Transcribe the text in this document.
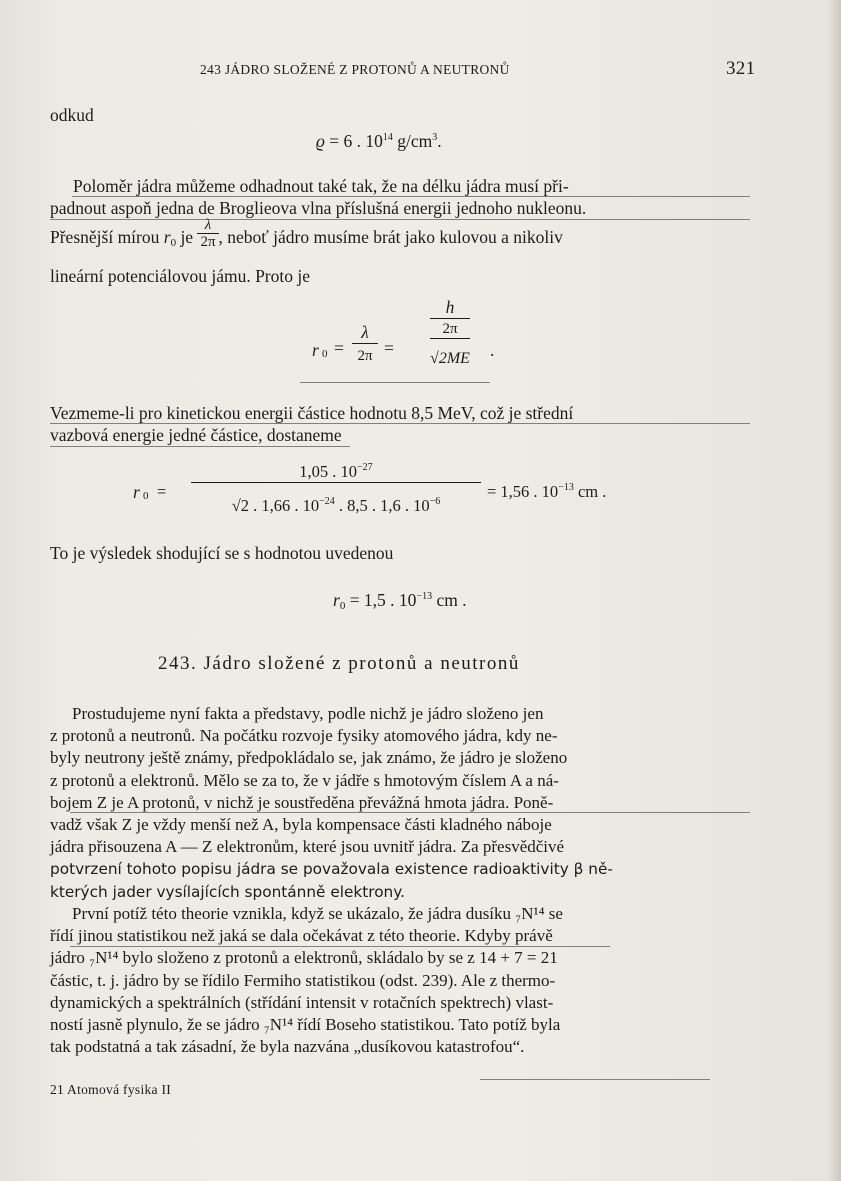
243 JÁDRO SLOŽENÉ Z PROTONŮ A NEUTRONŮ	321
odkud
ϱ = 6 . $10^{14}$ $g/cm^3$.
Poloměr jádra můžeme odhadnout také tak, že na délku jádra musí při-
padnout aspoň jedna de Broglieova vlna příslušná energii jednoho nukleonu.
Přesnější mírou $r_0$ je $\frac{\lambda}{2\pi}$ , neboť jádro musíme brát jako kulovou a nikoliv
lineární potenciálovou jámu. Proto je
r 0 =
λ
2π =
h
2π
√2ME	.
Vezmeme-li pro kinetickou energii částice hodnotu 8,5 MeV, což je střední
vazbová energie jedné částice, dostaneme
r 0 =
1,05 . $10^{-27}$
√2 . 1,66 . $10^{-24}$ . 8,5 . 1,6 . $10^{-6}$
= 1,56 . $10^{-13}$ cm .
To je výsledek shodující se s hodnotou uvedenou
$r_0 = 1,5$ . $10^{-13}$ cm .
243. Jádro složené z protonů a neutronů
Prostudujeme nyní fakta a představy, podle nichž je jádro složeno jen
z protonů a neutronů. Na počátku rozvoje fysiky atomového jádra, kdy ne-
byly neutrony ještě známy, předpokládalo se, jak známo, že jádro je složeno
z protonů a elektronů. Mělo se za to, že v jádře s hmotovým číslem A a ná-
bojem Z je A protonů, v nichž je soustředěna převážná hmota jádra. Poně-
vadž však Z je vždy menší než A, byla kompensace části kladného náboje
jádra přisouzena A — Z elektronům, které jsou uvnitř jádra. Za přesvědčivé
potvrzení tohoto popisu jádra se považovala existence radioaktivity β ně-
kterých jader vysílajících spontánně elektrony.
První potíž této theorie vznikla, když se ukázalo, že jádra dusíku ₇N¹⁴ se
řídí jinou statistikou než jaká se dala očekávat z této theorie. Kdyby právě
jádro ₇N¹⁴ bylo složeno z protonů a elektronů, skládalo by se z 14 + 7 = 21
částic, t. j. jádro by se řídilo Fermiho statistikou (odst. 239). Ale z thermo-
dynamických a spektrálních (střídání intensit v rotačních spektrech) vlast-
ností jasně plynulo, že se jádro ₇N¹⁴ řídí Boseho statistikou. Tato potíž byla
tak podstatná a tak zásadní, že byla nazvána „dusíkovou katastrofou“.
21 Atomová fysika II
